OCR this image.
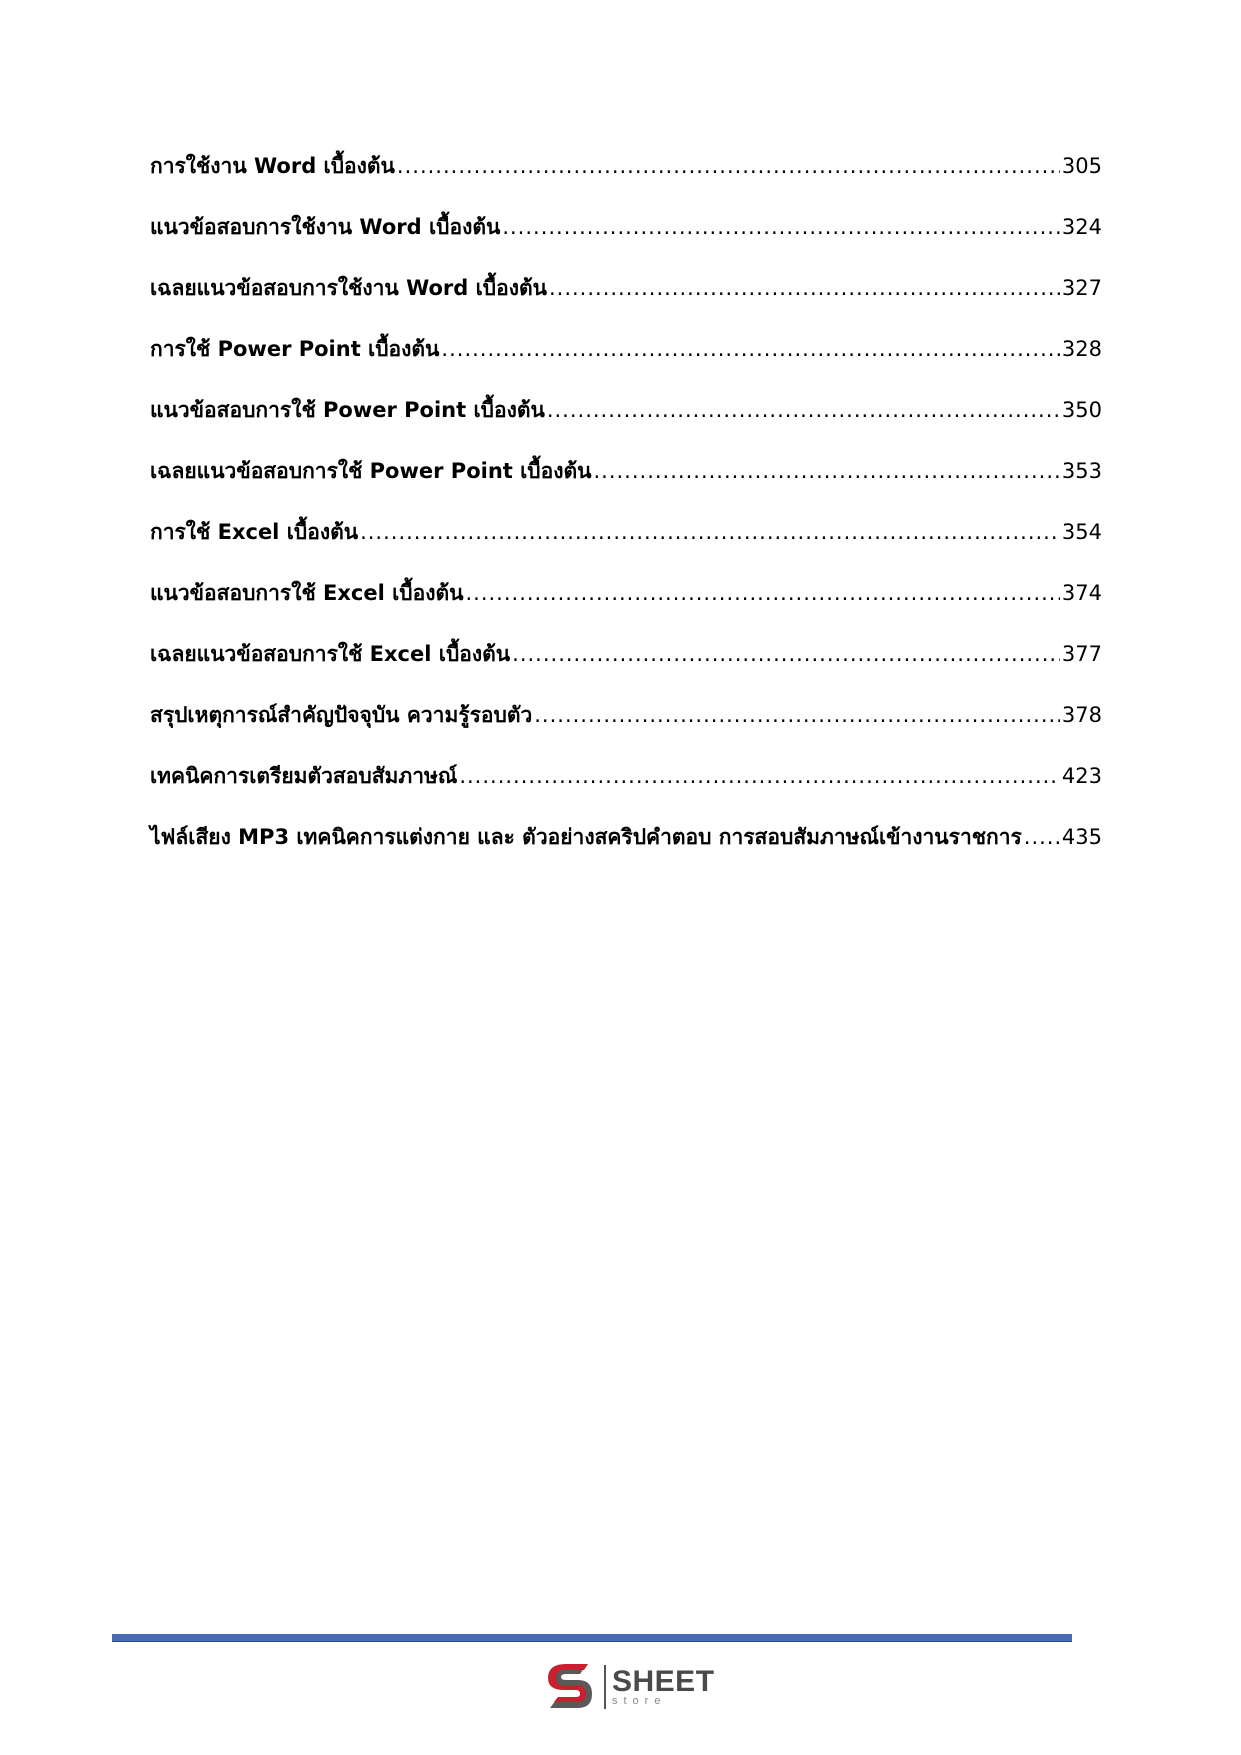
การใช้งาน Word เบื้องต้น .....	305
แนวข้อสอบการใช้งาน Word เบื้องต้น .....	324
เฉลยแนวข้อสอบการใช้งาน Word เบื้องต้น .....	327
การใช้ Power Point เบื้องต้น .....	328
แนวข้อสอบการใช้ Power Point เบื้องต้น .....	350
เฉลยแนวข้อสอบการใช้ Power Point เบื้องต้น .....	353
การใช้ Excel เบื้องต้น .....	354
แนวข้อสอบการใช้ Excel เบื้องต้น .....	374
เฉลยแนวข้อสอบการใช้ Excel เบื้องต้น .....	377
สรุปเหตุการณ์สำคัญปัจจุบัน ความรู้รอบตัว .....	378
เทคนิคการเตรียมตัวสอบสัมภาษณ์ .....	423
ไฟล์เสียง MP3 เทคนิคการแต่งกาย และ ตัวอย่างสคริปคำตอบ การสอบสัมภาษณ์เข้างานราชการ ..... 435
SHEET
store
